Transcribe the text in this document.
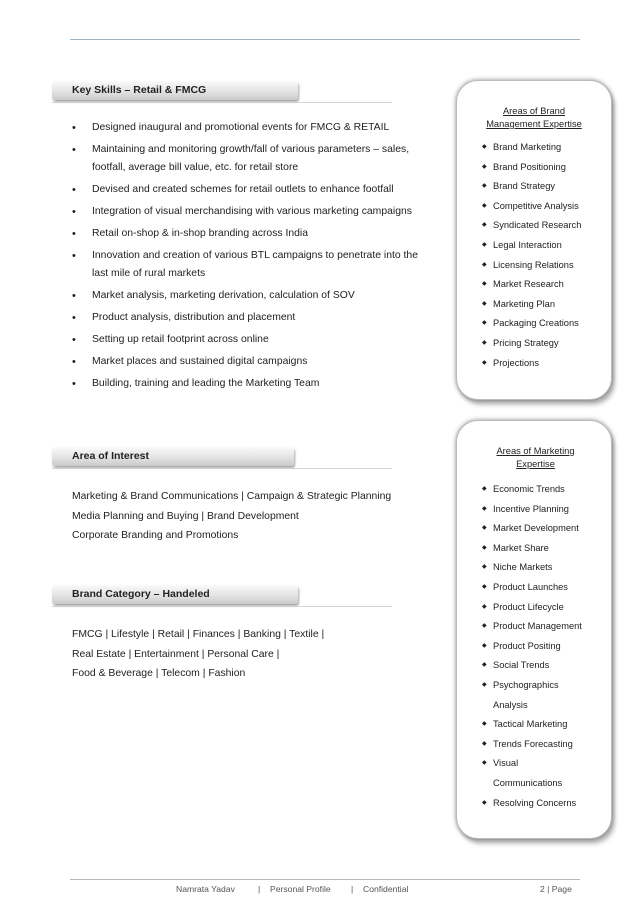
Key Skills – Retail & FMCG
• Designed inaugural and promotional events for FMCG & RETAIL
• Maintaining and monitoring growth/fall of various parameters – sales, footfall, average bill value, etc. for retail store
• Devised and created schemes for retail outlets to enhance footfall
• Integration of visual merchandising with various marketing campaigns
• Retail on-shop & in-shop branding across India
• Innovation and creation of various BTL campaigns to penetrate into the last mile of rural markets
• Market analysis, marketing derivation, calculation of SOV
• Product analysis, distribution and placement
• Setting up retail footprint across online
• Market places and sustained digital campaigns
• Building, training and leading the Marketing Team
Area of Interest
Marketing & Brand Communications | Campaign & Strategic Planning
Media Planning and Buying | Brand Development
Corporate Branding and Promotions
Brand Category – Handeled
FMCG | Lifestyle | Retail | Finances | Banking | Textile |
Real Estate | Entertainment | Personal Care |
Food & Beverage | Telecom | Fashion
Areas of Brand
Management Expertise
◆ Brand Marketing
◆ Brand Positioning
◆ Brand Strategy
◆ Competitive Analysis
◆ Syndicated Research
◆ Legal Interaction
◆ Licensing Relations
◆ Market Research
◆ Marketing Plan
◆ Packaging Creations
◆ Pricing Strategy
◆ Projections
Areas of Marketing
Expertise
◆ Economic Trends
◆ Incentive Planning
◆ Market Development
◆ Market Share
◆ Niche Markets
◆ Product Launches
◆ Product Lifecycle
◆ Product Management
◆ Product Positing
◆ Social Trends
◆ Psychographics Analysis
◆ Tactical Marketing
◆ Trends Forecasting
◆ Visual Communications
◆ Resolving Concerns
Namrata Yadav	| Personal Profile | Confidential	2 | Page
